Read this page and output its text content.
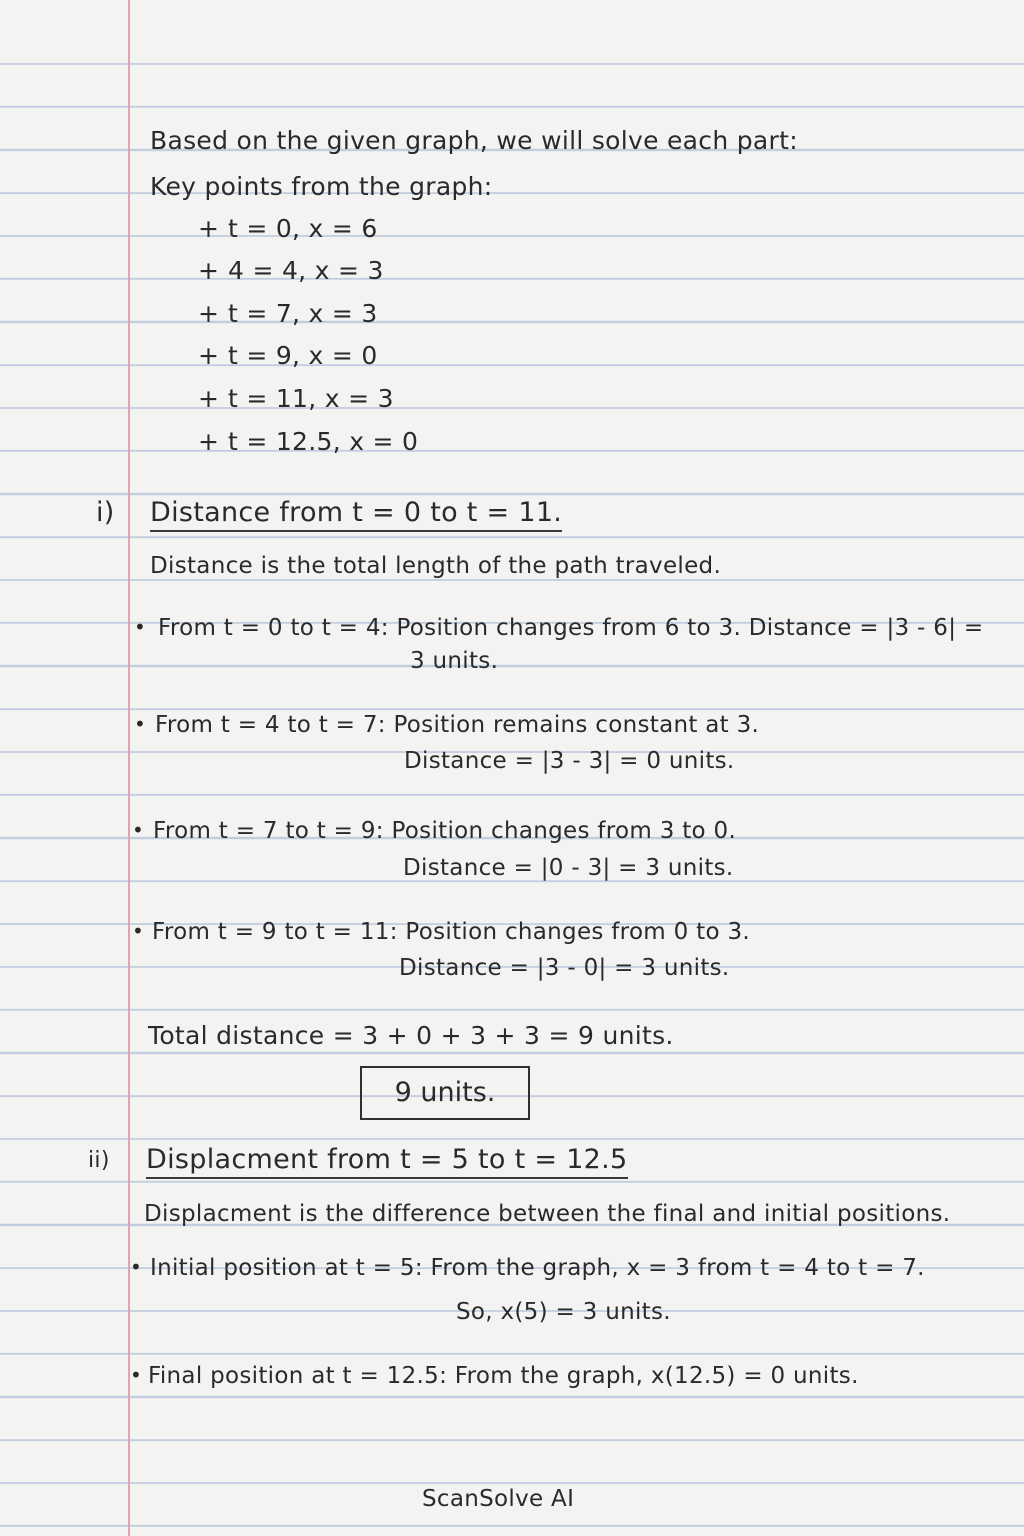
Based on the given graph, we will solve each part:
Key points from the graph:
+ t = 0, x = 6
+ 4 = 4, x = 3
+ t = 7, x = 3
+ t = 9, x = 0
+ t = 11, x = 3
+ t = 12.5, x = 0
i) Distance from t = 0 to t = 11.
Distance is the total length of the path traveled.
• From t = 0 to t = 4: Position changes from 6 to 3. Distance = |3 - 6| =
3 units.
• From t = 4 to t = 7: Position remains constant at 3.
Distance = |3 - 3| = 0 units.
• From t = 7 to t = 9: Position changes from 3 to 0.
Distance = |0 - 3| = 3 units.
• From t = 9 to t = 11: Position changes from 0 to 3.
Distance = |3 - 0| = 3 units.
Total distance = 3 + 0 + 3 + 3 = 9 units.
9 units.
ii) Displacment from t = 5 to t = 12.5
Displacment is the difference between the final and initial positions.
• Initial position at t = 5: From the graph, x = 3 from t = 4 to t = 7.
So, x(5) = 3 units.
• Final position at t = 12.5: From the graph, x(12.5) = 0 units.
ScanSolve AI
